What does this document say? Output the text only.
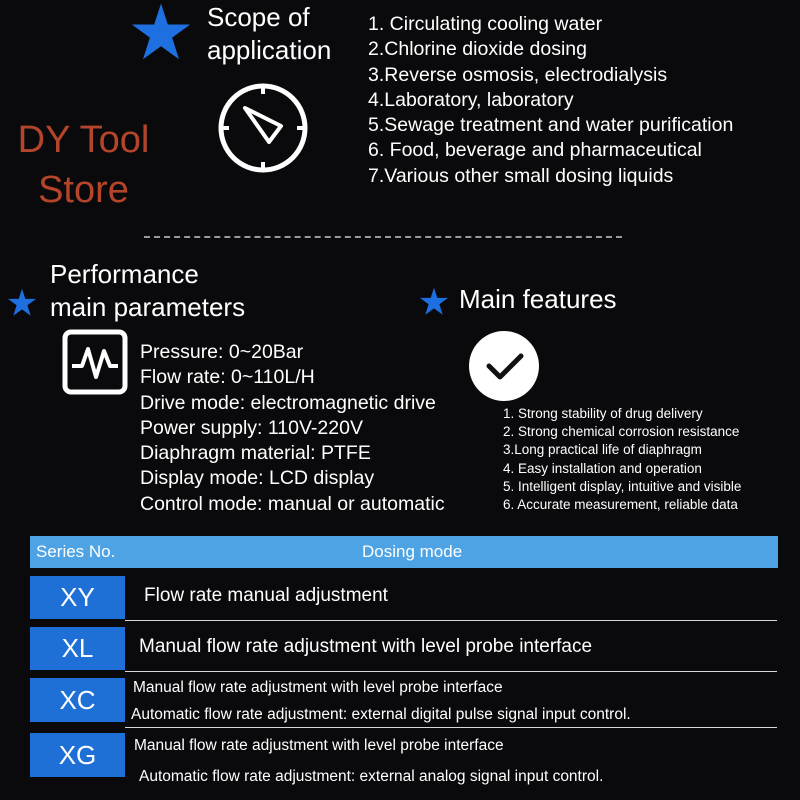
Scope of
application
1. Circulating cooling water
2.Chlorine dioxide dosing
3.Reverse osmosis, electrodialysis
4.Laboratory, laboratory
5.Sewage treatment and water purification
6. Food, beverage and pharmaceutical
7.Various other small dosing liquids
DY Tool
Store
Performance
main parameters
Pressure: 0~20Bar
Flow rate: 0~110L/H
Drive mode: electromagnetic drive
Power supply: 110V-220V
Diaphragm material: PTFE
Display mode: LCD display
Control mode: manual or automatic
Main features
1. Strong stability of drug delivery
2. Strong chemical corrosion resistance
3.Long practical life of diaphragm
4. Easy installation and operation
5. Intelligent display, intuitive and visible
6. Accurate measurement, reliable data
Series No.	Dosing mode
XY	Flow rate manual adjustment
XL	Manual flow rate adjustment with level probe interface
XC	Manual flow rate adjustment with level probe interface
Automatic flow rate adjustment: external digital pulse signal input control.
XG	Manual flow rate adjustment with level probe interface
Automatic flow rate adjustment: external analog signal input control.
